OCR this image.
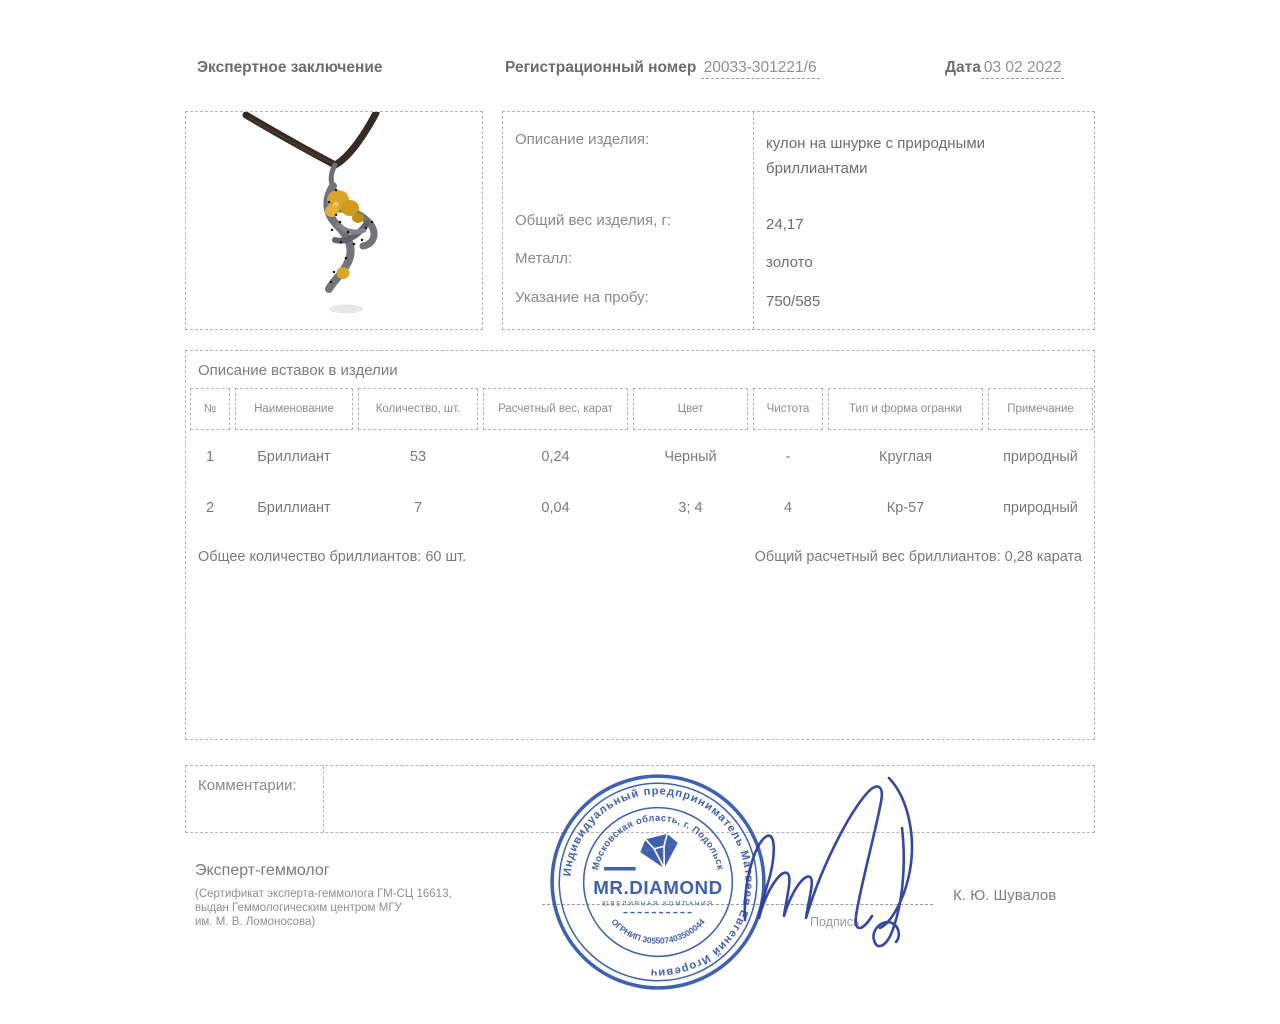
Экспертное заключение	Регистрационный номер 20033-301221/6	Дата 03 02 2022
Описание изделия:	кулон на шнурке с природными бриллиантами
Общий вес изделия, г:	24,17
Металл:	золото
Указание на пробу:	750/585
Описание вставок в изделии
№	Наименование	Количество, шт.	Расчетный вес, карат	Цвет	Чистота	Тип и форма огранки	Примечание
1	Бриллиант	53	0,24	Черный	-	Круглая	природный
2	Бриллиант	7	0,04	3; 4	4	Кр-57	природный
Общее количество бриллиантов: 60 шт.	Общий расчетный вес бриллиантов: 0,28 карата
Комментарии:
Эксперт-геммолог
(Сертификат эксперта-геммолога ГМ-СЦ 16613,
выдан Геммологическим центром МГУ
им. М. В. Ломоносова)	Подпись
К. Ю. Шувалов
Индивидуальный предприниматель Матвеев Евгений Игоревич
Московская область, г. Подольск
ОГРНИП 305507403500044
MR.DIAMOND
ЮВЕЛИРНАЯ КОМПАНИЯ
